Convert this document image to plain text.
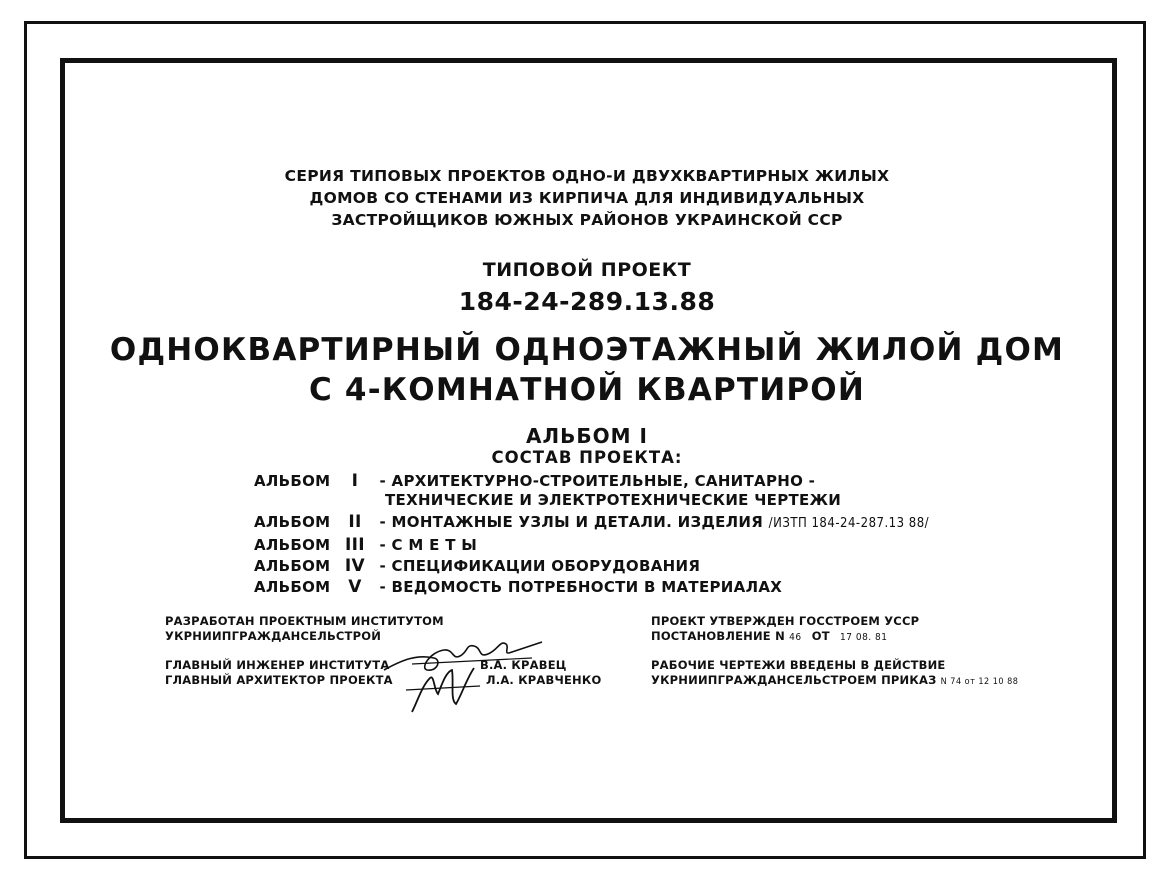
СЕРИЯ ТИПОВЫХ ПРОЕКТОВ ОДНО-И ДВУХКВАРТИРНЫХ ЖИЛЫХ
ДОМОВ СО СТЕНАМИ ИЗ КИРПИЧА ДЛЯ ИНДИВИДУАЛЬНЫХ
ЗАСТРОЙЩИКОВ ЮЖНЫХ РАЙОНОВ УКРАИНСКОЙ ССР
ТИПОВОЙ ПРОЕКТ
184-24-289.13.88
ОДНОКВАРТИРНЫЙ ОДНОЭТАЖНЫЙ ЖИЛОЙ ДОМ
С 4-КОМНАТНОЙ КВАРТИРОЙ
АЛЬБОМ I
СОСТАВ ПРОЕКТА:
АЛЬБОМ I - АРХИТЕКТУРНО-СТРОИТЕЛЬНЫЕ, САНИТАРНО -
ТЕХНИЧЕСКИЕ И ЭЛЕКТРОТЕХНИЧЕСКИЕ ЧЕРТЕЖИ
АЛЬБОМ II - МОНТАЖНЫЕ УЗЛЫ И ДЕТАЛИ. ИЗДЕЛИЯ /ИЗТП 184-24-287.13 88/
АЛЬБОМ III - С М Е Т Ы
АЛЬБОМ IV - СПЕЦИФИКАЦИИ ОБОРУДОВАНИЯ
АЛЬБОМ V - ВЕДОМОСТЬ ПОТРЕБНОСТИ В МАТЕРИАЛАХ
РАЗРАБОТАН ПРОЕКТНЫМ ИНСТИТУТОМ
УКРНИИПГРАЖДАНСЕЛЬСТРОЙ
ГЛАВНЫЙ ИНЖЕНЕР ИНСТИТУТА	В.А. КРАВЕЦ
ГЛАВНЫЙ АРХИТЕКТОР ПРОЕКТА	Л.А. КРАВЧЕНКО
ПРОЕКТ УТВЕРЖДЕН ГОССТРОЕМ УССР
ПОСТАНОВЛЕНИЕ N 46 ОТ 17 08. 81
РАБОЧИЕ ЧЕРТЕЖИ ВВЕДЕНЫ В ДЕЙСТВИЕ
УКРНИИПГРАЖДАНСЕЛЬСТРОЕМ ПРИКАЗ N 74 от 12 10 88
